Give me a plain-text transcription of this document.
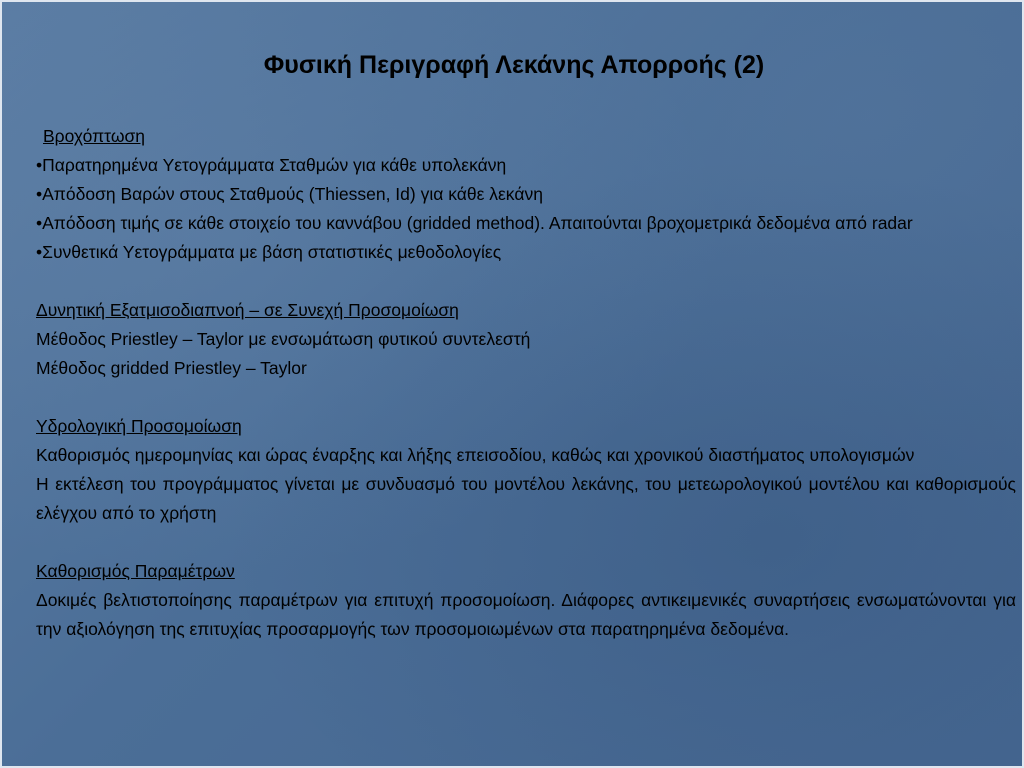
Φυσική Περιγραφή Λεκάνης Απορροής (2)

Βροχόπτωση

•Παρατηρημένα Υετογράμματα Σταθμών για κάθε υπολεκάνη

•Απόδοση Βαρών στους Σταθμούς (Thiessen, Id) για κάθε λεκάνη

•Απόδοση τιμής σε κάθε στοιχείο του καννάβου (gridded method). Απαιτούνται βροχομετρικά δεδομένα από radar

•Συνθετικά Υετογράμματα με βάση στατιστικές μεθοδολογίες

Δυνητική Εξατμισοδιαπνοή – σε Συνεχή Προσομοίωση

Μέθοδος Priestley – Taylor με ενσωμάτωση φυτικού συντελεστή

Μέθοδος gridded Priestley – Taylor

Υδρολογική Προσομοίωση

Καθορισμός ημερομηνίας και ώρας έναρξης και λήξης επεισοδίου, καθώς και χρονικού διαστήματος υπολογισμών

Η εκτέλεση του προγράμματος γίνεται με συνδυασμό του μοντέλου λεκάνης, του μετεωρολογικού μοντέλου και καθορισμούς ελέγχου από το χρήστη

Καθορισμός Παραμέτρων

Δοκιμές βελτιστοποίησης παραμέτρων για επιτυχή προσομοίωση. Διάφορες αντικειμενικές συναρτήσεις ενσωματώνονται για την αξιολόγηση της επιτυχίας προσαρμογής των προσομοιωμένων στα παρατηρημένα δεδομένα.
